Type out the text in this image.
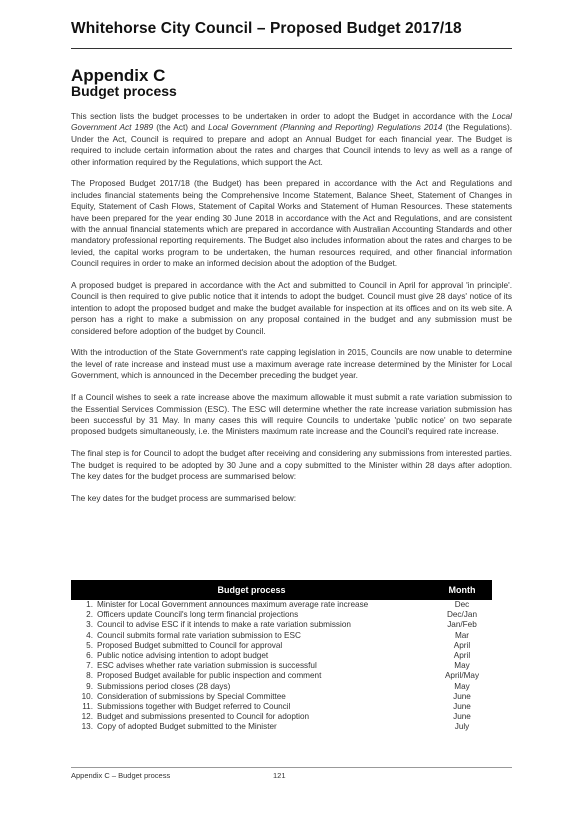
Whitehorse City Council – Proposed Budget 2017/18
Appendix C
Budget process

This section lists the budget processes to be undertaken in order to adopt the Budget in accordance with the Local Government Act 1989 (the Act) and Local Government (Planning and Reporting) Regulations 2014 (the Regulations). Under the Act, Council is required to prepare and adopt an Annual Budget for each financial year. The Budget is required to include certain information about the rates and charges that Council intends to levy as well as a range of other information required by the Regulations, which support the Act.

The Proposed Budget 2017/18 (the Budget) has been prepared in accordance with the Act and Regulations and includes financial statements being the Comprehensive Income Statement, Balance Sheet, Statement of Changes in Equity, Statement of Cash Flows, Statement of Capital Works and Statement of Human Resources. These statements have been prepared for the year ending 30 June 2018 in accordance with the Act and Regulations, and are consistent with the annual financial statements which are prepared in accordance with Australian Accounting Standards and other mandatory professional reporting requirements. The Budget also includes information about the rates and charges to be levied, the capital works program to be undertaken, the human resources required, and other financial information Council requires in order to make an informed decision about the adoption of the Budget.

A proposed budget is prepared in accordance with the Act and submitted to Council in April for approval 'in principle'. Council is then required to give public notice that it intends to adopt the budget. Council must give 28 days' notice of its intention to adopt the proposed budget and make the budget available for inspection at its offices and on its web site. A person has a right to make a submission on any proposal contained in the budget and any submission must be considered before adoption of the budget by Council.

With the introduction of the State Government's rate capping legislation in 2015, Councils are now unable to determine the level of rate increase and instead must use a maximum average rate increase determined by the Minister for Local Government, which is announced in the December preceding the budget year.

If a Council wishes to seek a rate increase above the maximum allowable it must submit a rate variation submission to the Essential Services Commission (ESC). The ESC will determine whether the rate increase variation submission has been successful by 31 May. In many cases this will require Councils to undertake 'public notice' on two separate proposed budgets simultaneously, i.e. the Ministers maximum rate increase and the Council's required rate increase.

The final step is for Council to adopt the budget after receiving and considering any submissions from interested parties. The budget is required to be adopted by 30 June and a copy submitted to the Minister within 28 days after adoption. The key dates for the budget process are summarised below:

The key dates for the budget process are summarised below:

Budget process		Month
1.	Minister for Local Government announces maximum average rate increase	Dec
2.	Officers update Council's long term financial projections	Dec/Jan
3.	Council to advise ESC if it intends to make a rate variation submission	Jan/Feb
4.	Council submits formal rate variation submission to ESC	Mar
5.	Proposed Budget submitted to Council for approval	April
6.	Public notice advising intention to adopt budget	April
7.	ESC advises whether rate variation submission is successful	May
8.	Proposed Budget available for public inspection and comment	April/May
9.	Submissions period closes (28 days)	May
10.	Consideration of submissions by Special Committee	June
11.	Submissions together with Budget referred to Council	June
12.	Budget and submissions presented to Council for adoption	June
13.	Copy of adopted Budget submitted to the Minister	July
Appendix C – Budget process	121
